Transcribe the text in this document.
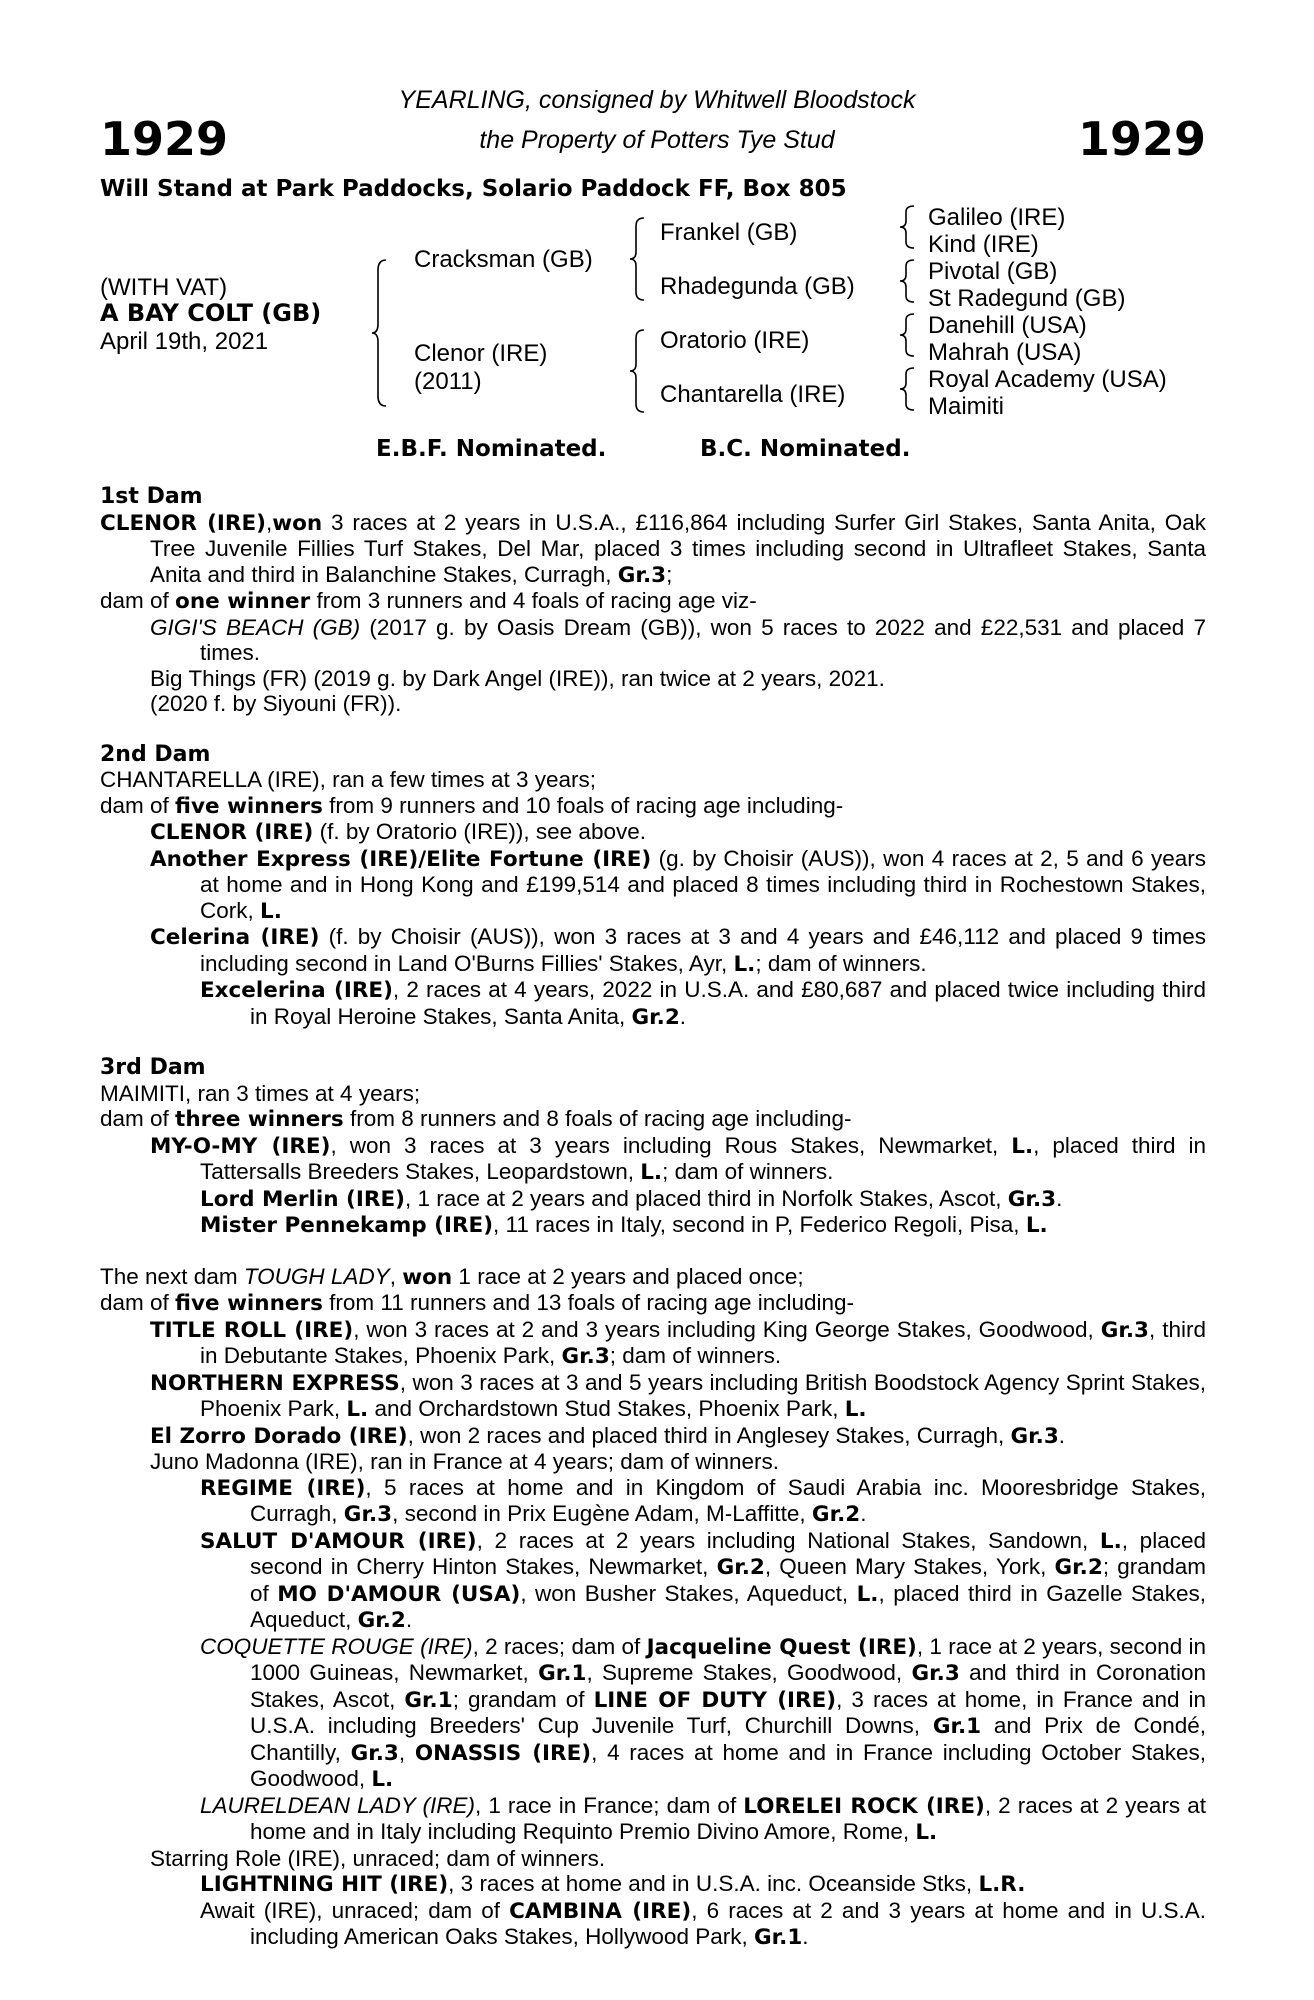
1929	1929
YEARLING, consigned by Whitwell Bloodstock
the Property of Potters Tye Stud
Will Stand at Park Paddocks, Solario Paddock FF, Box 805
(WITH VAT)
A BAY COLT (GB)
April 19th, 2021
Cracksman (GB)
Clenor (IRE)
(2011)
Frankel (GB)
Rhadegunda (GB)
Oratorio (IRE)
Chantarella (IRE)
Galileo (IRE)
Kind (IRE)
Pivotal (GB)
St Radegund (GB)
Danehill (USA)
Mahrah (USA)
Royal Academy (USA)
Maimiti
E.B.F. Nominated.	B.C. Nominated.
1st Dam
CLENOR (IRE),won 3 races at 2 years in U.S.A., £116,864 including Surfer Girl Stakes, Santa Anita, Oak Tree Juvenile Fillies Turf Stakes, Del Mar, placed 3 times including second in Ultrafleet Stakes, Santa Anita and third in Balanchine Stakes, Curragh, Gr.3;
dam of one winner from 3 runners and 4 foals of racing age viz-
GIGI'S BEACH (GB) (2017 g. by Oasis Dream (GB)), won 5 races to 2022 and £22,531 and placed 7 times.
Big Things (FR) (2019 g. by Dark Angel (IRE)), ran twice at 2 years, 2021.
(2020 f. by Siyouni (FR)).
2nd Dam
CHANTARELLA (IRE), ran a few times at 3 years;
dam of five winners from 9 runners and 10 foals of racing age including-
CLENOR (IRE) (f. by Oratorio (IRE)), see above.
Another Express (IRE)/Elite Fortune (IRE) (g. by Choisir (AUS)), won 4 races at 2, 5 and 6 years at home and in Hong Kong and £199,514 and placed 8 times including third in Rochestown Stakes, Cork, L.
Celerina (IRE) (f. by Choisir (AUS)), won 3 races at 3 and 4 years and £46,112 and placed 9 times including second in Land O'Burns Fillies' Stakes, Ayr, L.; dam of winners.
Excelerina (IRE), 2 races at 4 years, 2022 in U.S.A. and £80,687 and placed twice including third in Royal Heroine Stakes, Santa Anita, Gr.2.
3rd Dam
MAIMITI, ran 3 times at 4 years;
dam of three winners from 8 runners and 8 foals of racing age including-
MY-O-MY (IRE), won 3 races at 3 years including Rous Stakes, Newmarket, L., placed third in Tattersalls Breeders Stakes, Leopardstown, L.; dam of winners.
Lord Merlin (IRE), 1 race at 2 years and placed third in Norfolk Stakes, Ascot, Gr.3.
Mister Pennekamp (IRE), 11 races in Italy, second in P, Federico Regoli, Pisa, L.
The next dam TOUGH LADY, won 1 race at 2 years and placed once;
dam of five winners from 11 runners and 13 foals of racing age including-
TITLE ROLL (IRE), won 3 races at 2 and 3 years including King George Stakes, Goodwood, Gr.3, third in Debutante Stakes, Phoenix Park, Gr.3; dam of winners.
NORTHERN EXPRESS, won 3 races at 3 and 5 years including British Boodstock Agency Sprint Stakes, Phoenix Park, L. and Orchardstown Stud Stakes, Phoenix Park, L.
El Zorro Dorado (IRE), won 2 races and placed third in Anglesey Stakes, Curragh, Gr.3.
Juno Madonna (IRE), ran in France at 4 years; dam of winners.
REGIME (IRE), 5 races at home and in Kingdom of Saudi Arabia inc. Mooresbridge Stakes, Curragh, Gr.3, second in Prix Eugène Adam, M-Laffitte, Gr.2.
SALUT D'AMOUR (IRE), 2 races at 2 years including National Stakes, Sandown, L., placed second in Cherry Hinton Stakes, Newmarket, Gr.2, Queen Mary Stakes, York, Gr.2; grandam of MO D'AMOUR (USA), won Busher Stakes, Aqueduct, L., placed third in Gazelle Stakes, Aqueduct, Gr.2.
COQUETTE ROUGE (IRE), 2 races; dam of Jacqueline Quest (IRE), 1 race at 2 years, second in 1000 Guineas, Newmarket, Gr.1, Supreme Stakes, Goodwood, Gr.3 and third in Coronation Stakes, Ascot, Gr.1; grandam of LINE OF DUTY (IRE), 3 races at home, in France and in U.S.A. including Breeders' Cup Juvenile Turf, Churchill Downs, Gr.1 and Prix de Condé, Chantilly, Gr.3, ONASSIS (IRE), 4 races at home and in France including October Stakes, Goodwood, L.
LAURELDEAN LADY (IRE), 1 race in France; dam of LORELEI ROCK (IRE), 2 races at 2 years at home and in Italy including Requinto Premio Divino Amore, Rome, L.
Starring Role (IRE), unraced; dam of winners.
LIGHTNING HIT (IRE), 3 races at home and in U.S.A. inc. Oceanside Stks, L.R.
Await (IRE), unraced; dam of CAMBINA (IRE), 6 races at 2 and 3 years at home and in U.S.A. including American Oaks Stakes, Hollywood Park, Gr.1.
